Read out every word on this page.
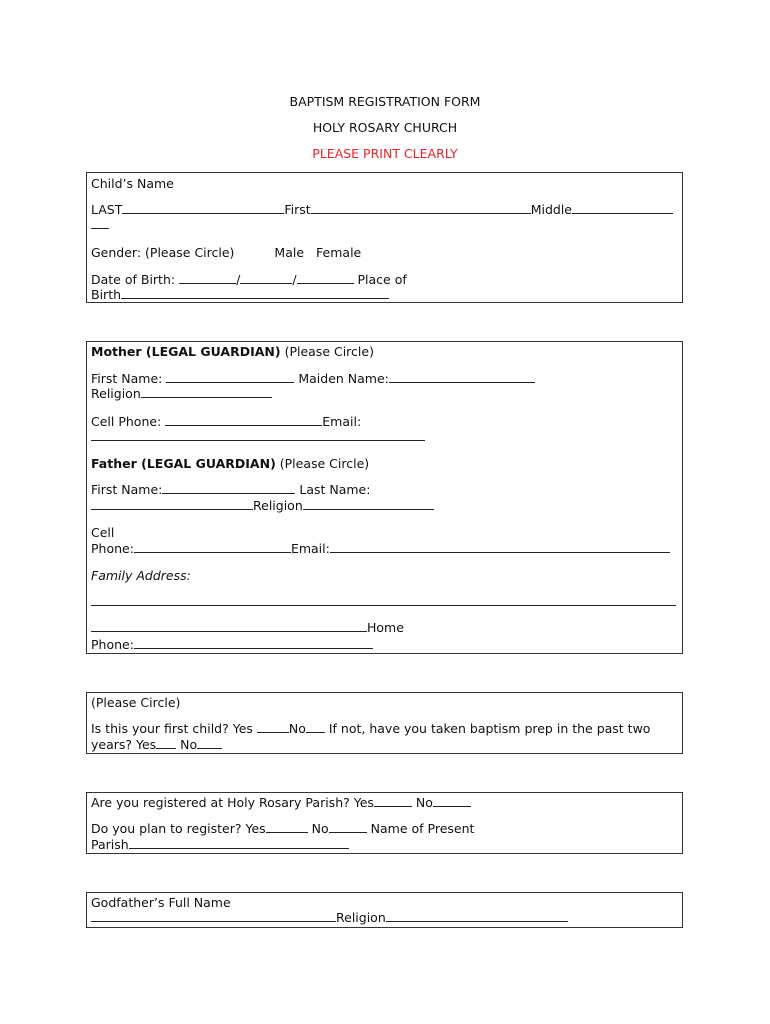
BAPTISM REGISTRATION FORM
HOLY ROSARY CHURCH
PLEASE PRINT CLEARLY
Child’s Name
LAST	First	Middle
Gender: (Please Circle)	Male Female
Date of Birth:	/	/	Place of
Birth
Mother (LEGAL GUARDIAN) (Please Circle)
First Name:	Maiden Name:
Religion
Cell Phone:	Email:
Father (LEGAL GUARDIAN) (Please Circle)
First Name:	Last Name:
Religion
Cell
Phone:	Email:
Family Address:
Home
Phone:
(Please Circle)
Is this your first child? Yes	No If not, have you taken baptism prep in the past two
years? Yes No
Are you registered at Holy Rosary Parish? Yes	No
Do you plan to register? Yes	No	Name of Present
Parish
Godfather’s Full Name
Religion
